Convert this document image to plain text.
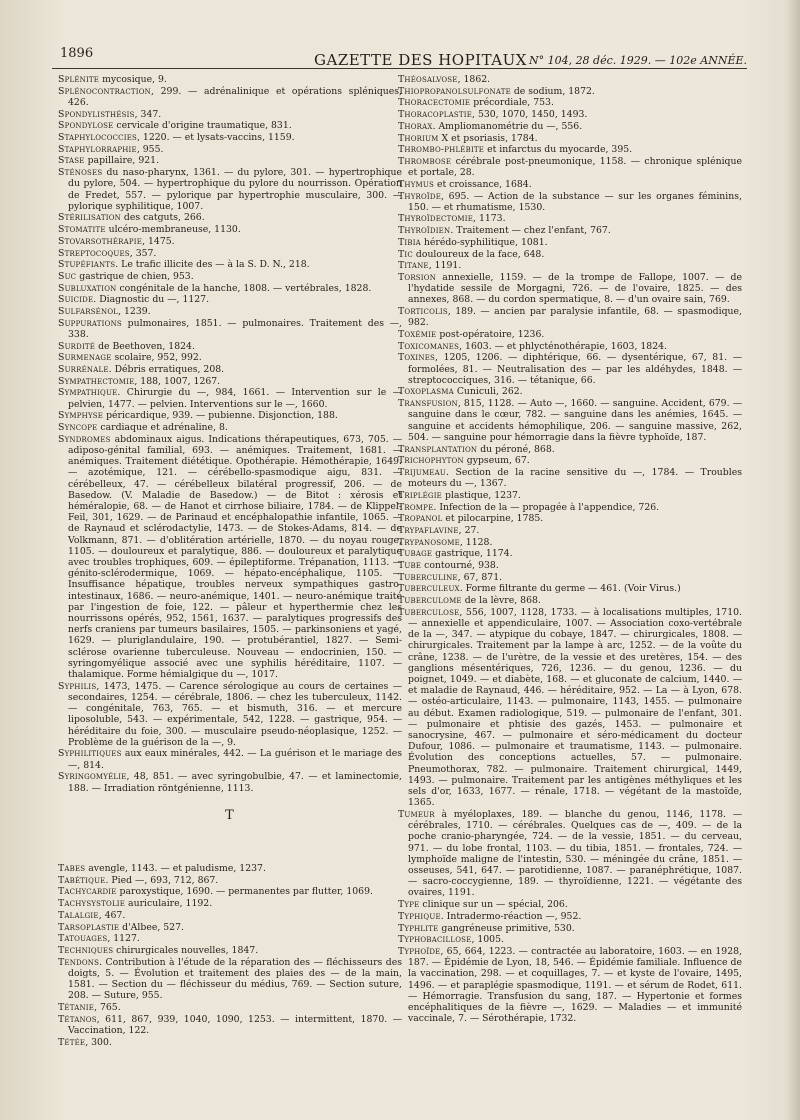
1896	GAZETTE DES HOPITAUX N° 104, 28 déc. 1929. — 102e ANNÉE.

Splénite mycosique, 9.

Splénocontraction, 299. — adrénalinique et opérations spléniques, 426.

Spondylisthésis, 347.

Spondylose cervicale d'origine traumatique, 831.

Staphylococcies, 1220. — et lysats-vaccins, 1159.

Staphylorraphie, 955.

Stase papillaire, 921.

Sténoses du naso-pharynx, 1361. — du pylore, 301. — hypertrophique du pylore, 504. — hypertrophique du pylore du nourrisson. Opération de Fredet, 557. — pylorique par hypertrophie musculaire, 300. — pylorique syphilitique, 1007.

Stérilisation des catguts, 266.

Stomatite ulcéro-membraneuse, 1130.

Stovarsothérapie, 1475.

Streptocoques, 357.

Stupéfiants. Le trafic illicite des — à la S. D. N., 218.

Suc gastrique de chien, 953.

Subluxation congénitale de la hanche, 1808. — vertébrales, 1828.

Suicide. Diagnostic du —, 1127.

Sulfarsénol, 1239.

Suppurations pulmonaires, 1851. — pulmonaires. Traitement des —, 338.

Surdité de Beethoven, 1824.

Surmenage scolaire, 952, 992.

Surrénale. Débris erratiques, 208.

Sympathectomie, 188, 1007, 1267.

Sympathique. Chirurgie du —, 984, 1661. — Intervention sur le — pelvien, 1477. — pelvien. Interventions sur le —, 1660.

Symphyse péricardique, 939. — pubienne. Disjonction, 188.

Syncope cardiaque et adrénaline, 8.

Syndromes abdominaux aigus. Indications thérapeutiques, 673, 705. — adiposo-génital familial, 693. — anémiques. Traitement, 1681. — anémiques. Traitement diététique. Opothérapie. Hémothérapie, 1649. — azotémique, 121. — cérébello-spasmodique aigu, 831. — cérébelleux, 47. — cérébelleux bilatéral progressif, 206. — de Basedow. (V. Maladie de Basedow.) — de Bitot : xérosis et héméralopie, 68. — de Hanot et cirrhose biliaire, 1784. — de Klippel-Feil, 301, 1629. — de Parinaud et encéphalopathie infantile, 1065. — de Raynaud et sclérodactylie, 1473. — de Stokes-Adams, 814. — de Volkmann, 871. — d'oblitération artérielle, 1870. — du noyau rouge, 1105. — douloureux et paralytique, 886. — douloureux et paralytique avec troubles trophiques, 609. — épileptiforme. Trépanation, 1113. — génito-sclérodermique, 1069. — hépato-encéphalique, 1105. — Insuffisance hépatique, troubles nerveux sympathiques gastro-intestinaux, 1686. — neuro-anémique, 1401. — neuro-anémique traité par l'ingestion de foie, 122. — pâleur et hyperthermie chez les nourrissons opérés, 952, 1561, 1637. — paralytiques progressifs des nerfs craniens par tumeurs basilaires, 1505. — parkinsoniens et yagé, 1629. — pluriglandulaire, 190. — protubérantiel, 1827. — Semi-sclérose ovarienne tuberculeuse. Nouveau — endocrinien, 150. — syringomyélique associé avec une syphilis héréditaire, 1107. — thalamique. Forme hémialgique du —, 1017.

Syphilis, 1473, 1475. — Carence sérologique au cours de certaines — secondaires, 1254. — cérébrale, 1806. — chez les tuberculeux, 1142. — congénitale, 763, 765. — et bismuth, 316. — et mercure liposoluble, 543. — expérimentale, 542, 1228. — gastrique, 954. — héréditaire du foie, 300. — musculaire pseudo-néoplasique, 1252. — Problème de la guérison de la —, 9.

Syphilitiques aux eaux minérales, 442. — La guérison et le mariage des —, 814.

Syringomyélie, 48, 851. — avec syringobulbie, 47. — et laminectomie, 188. — Irradiation röntgénienne, 1113.

T

Tabes avengle, 1143. — et paludisme, 1237.

Tabétique. Pied —, 693, 712, 867.

Tachycardie paroxystique, 1690. — permanentes par flutter, 1069.

Tachysystolie auriculaire, 1192.

Talalgie, 467.

Tarsoplastie d'Albee, 527.

Tatouages, 1127.

Techniques chirurgicales nouvelles, 1847.

Tendons. Contribution à l'étude de la réparation des — fléchisseurs des doigts, 5. — Évolution et traitement des plaies des — de la main, 1581. — Section du — fléchisseur du médius, 769. — Section suture, 208. — Suture, 955.

Tétanie, 765.

Tétanos, 611, 867, 939, 1040, 1090, 1253. — intermittent, 1870. — Vaccination, 122.

Tétée, 300.

Théosalvose, 1862.

Thiopropanolsulfonate de sodium, 1872.

Thoracectomie précordiale, 753.

Thoracoplastie, 530, 1070, 1450, 1493.

Thorax. Ampliomanométrie du —, 556.

Thorium X et psoriasis, 1784.

Thrombo-phlébite et infarctus du myocarde, 395.

Thrombose cérébrale post-pneumonique, 1158. — chronique splénique et portale, 28.

Thymus et croissance, 1684.

Thyroïde, 695. — Action de la substance — sur les organes féminins, 150. — et rhumatisme, 1530.

Thyroïdectomie, 1173.

Thyroïdien. Traitement — chez l'enfant, 767.

Tibia hérédo-syphilitique, 1081.

Tic douloureux de la face, 648.

Titane, 1191.

Torsion annexielle, 1159. — de la trompe de Fallope, 1007. — de l'hydatide sessile de Morgagni, 726. — de l'ovaire, 1825. — des annexes, 868. — du cordon spermatique, 8. — d'un ovaire sain, 769.

Torticolis, 189. — ancien par paralysie infantile, 68. — spasmodique, 982.

Toxémie post-opératoire, 1236.

Toxicomanes, 1603. — et phlycténothérapie, 1603, 1824.

Toxines, 1205, 1206. — diphtérique, 66. — dysentérique, 67, 81. — formolées, 81. — Neutralisation des — par les aldéhydes, 1848. — streptococciques, 316. — tétanique, 66.

Toxoplasma Cuniculi, 262.

Transfusion, 815, 1128. — Auto —, 1660. — sanguine. Accident, 679. — sanguine dans le cœur, 782. — sanguine dans les anémies, 1645. — sanguine et accidents hémophilique, 206. — sanguine massive, 262, 504. — sanguine pour hémorragie dans la fièvre typhoïde, 187.

Transplantation du péroné, 868.

Trichophyton gypseum, 67.

Trijumeau. Section de la racine sensitive du —, 1784. — Troubles moteurs du —, 1367.

Triplégie plastique, 1237.

Trompe. Infection de la — propagée à l'appendice, 726.

Tropanol et pilocarpine, 1785.

Trypaflavine, 27.

Trypanosome, 1128.

Tubage gastrique, 1174.

Tube contourné, 938.

Tuberculine, 67, 871.

Tuberculeux. Forme filtrante du germe — 461. (Voir Virus.)

Tuberculome de la lèvre, 868.

Tuberculose, 556, 1007, 1128, 1733. — à localisations multiples, 1710. — annexielle et appendiculaire, 1007. — Association coxo-vertébrale de la —, 347. — atypique du cobaye, 1847. — chirurgicales, 1808. — chirurgicales. Traitement par la lampe à arc, 1252. — de la voûte du crâne, 1238. — de l'urètre, de la vessie et des uretères, 154. — des ganglions mésentériques, 726, 1236. — du genou, 1236. — du poignet, 1049. — et diabète, 168. — et gluconate de calcium, 1440. — et maladie de Raynaud, 446. — héréditaire, 952. — La — à Lyon, 678. — ostéo-articulaire, 1143. — pulmonaire, 1143, 1455. — pulmonaire au début. Examen radiologique, 519. — pulmonaire de l'enfant, 301. — pulmonaire et phtisie des gazés, 1453. — pulmonaire et sanocrysine, 467. — pulmonaire et séro-médicament du docteur Dufour, 1086. — pulmonaire et traumatisme, 1143. — pulmonaire. Évolution des conceptions actuelles, 57. — pulmonaire. Pneumothorax, 782. — pulmonaire. Traitement chirurgical, 1449, 1493. — pulmonaire. Traitement par les antigènes méthyliques et les sels d'or, 1633, 1677. — rénale, 1718. — végétant de la mastoïde, 1365.

Tumeur à myéloplaxes, 189. — blanche du genou, 1146, 1178. — cérébrales, 1710. — cérébrales. Quelques cas de —, 409. — de la poche cranio-pharyngée, 724. — de la vessie, 1851. — du cerveau, 971. — du lobe frontal, 1103. — du tibia, 1851. — frontales, 724. — lymphoïde maligne de l'intestin, 530. — méningée du crâne, 1851. — osseuses, 541, 647. — parotidienne, 1087. — paranéphrétique, 1087. — sacro-coccygienne, 189. — thyroïdienne, 1221. — végétante des ovaires, 1191.

Type clinique sur un — spécial, 206.

Typhique. Intradermo-réaction —, 952.

Typhlite gangréneuse primitive, 530.

Typhobacillose, 1005.

Typhoïde, 65, 664, 1223. — contractée au laboratoire, 1603. — en 1928, 187. — Épidémie de Lyon, 18, 546. — Épidémie familiale. Influence de la vaccination, 298. — et coquillages, 7. — et kyste de l'ovaire, 1495, 1496. — et paraplégie spasmodique, 1191. — et sérum de Rodet, 611. — Hémorragie. Transfusion du sang, 187. — Hypertonie et formes encéphalitiques de la fièvre —, 1629. — Maladies — et immunité vaccinale, 7. — Sérothérapie, 1732.
